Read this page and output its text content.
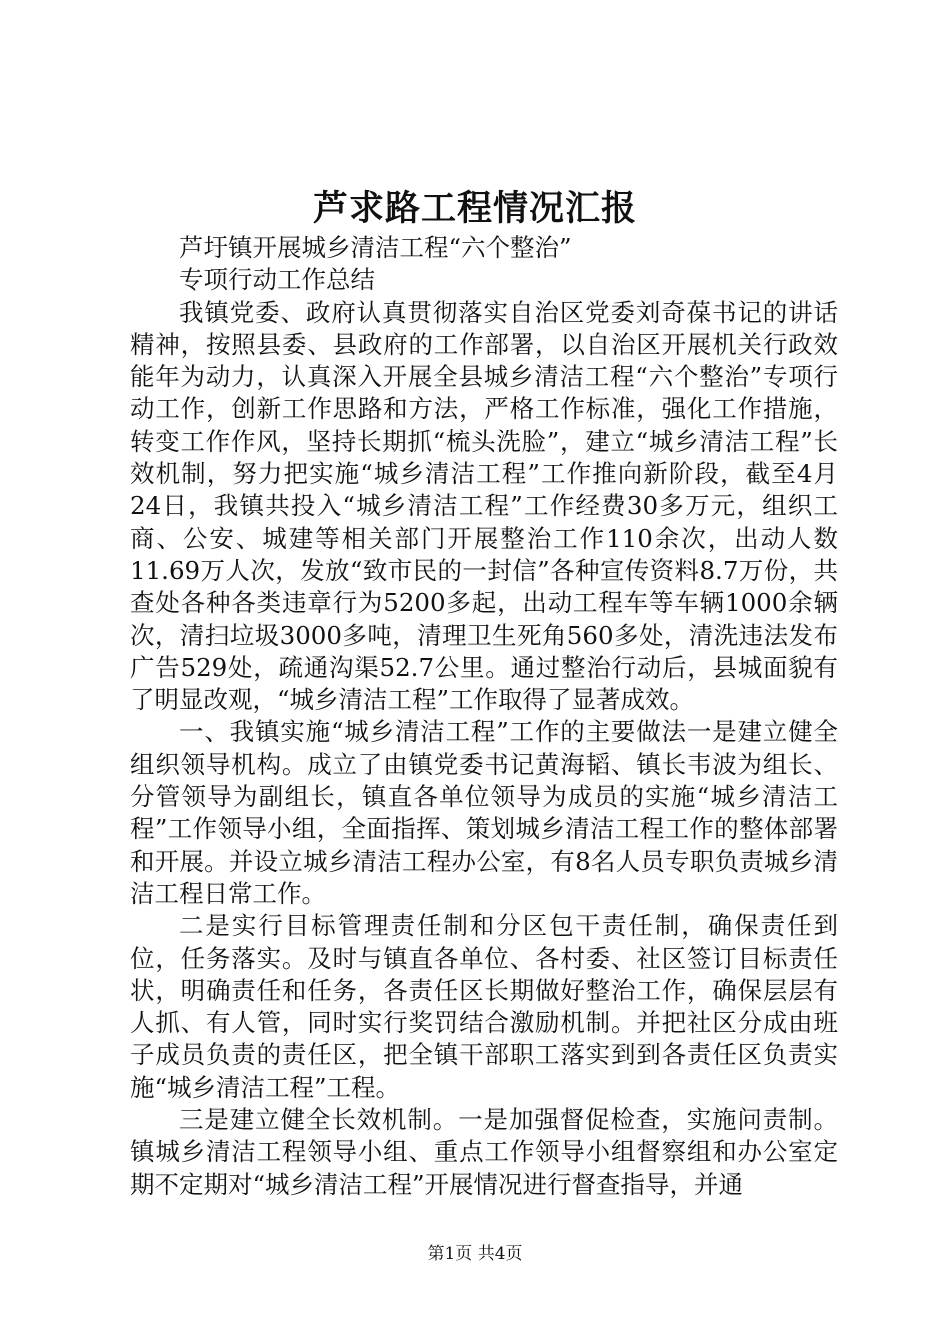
芦求路工程情况汇报

芦圩镇开展城乡清洁工程“六个整治”

专项行动工作总结

我镇党委、政府认真贯彻落实自治区党委刘奇葆书记的讲话精神，按照县委、县政府的工作部署，以自治区开展机关行政效能年为动力，认真深入开展全县城乡清洁工程“六个整治”专项行动工作，创新工作思路和方法，严格工作标准，强化工作措施，转变工作作风，坚持长期抓“梳头洗脸”，建立“城乡清洁工程”长效机制，努力把实施“城乡清洁工程”工作推向新阶段，截至4月24日，我镇共投入“城乡清洁工程”工作经费30多万元，组织工商、公安、城建等相关部门开展整治工作110余次，出动人数11.69万人次，发放“致市民的一封信”各种宣传资料8.7万份，共查处各种各类违章行为5200多起，出动工程车等车辆1000余辆次，清扫垃圾3000多吨，清理卫生死角560多处，清洗违法发布广告529处，疏通沟渠52.7公里。通过整治行动后，县城面貌有了明显改观，“城乡清洁工程”工作取得了显著成效。

一、我镇实施“城乡清洁工程”工作的主要做法一是建立健全组织领导机构。成立了由镇党委书记黄海韬、镇长韦波为组长、分管领导为副组长，镇直各单位领导为成员的实施“城乡清洁工程”工作领导小组，全面指挥、策划城乡清洁工程工作的整体部署和开展。并设立城乡清洁工程办公室，有8名人员专职负责城乡清洁工程日常工作。

二是实行目标管理责任制和分区包干责任制，确保责任到位，任务落实。及时与镇直各单位、各村委、社区签订目标责任状，明确责任和任务，各责任区长期做好整治工作，确保层层有人抓、有人管，同时实行奖罚结合激励机制。并把社区分成由班子成员负责的责任区，把全镇干部职工落实到到各责任区负责实施“城乡清洁工程”工程。

三是建立健全长效机制。一是加强督促检查，实施问责制。镇城乡清洁工程领导小组、重点工作领导小组督察组和办公室定期不定期对“城乡清洁工程”开展情况进行督查指导，并通

第1页 共4页
